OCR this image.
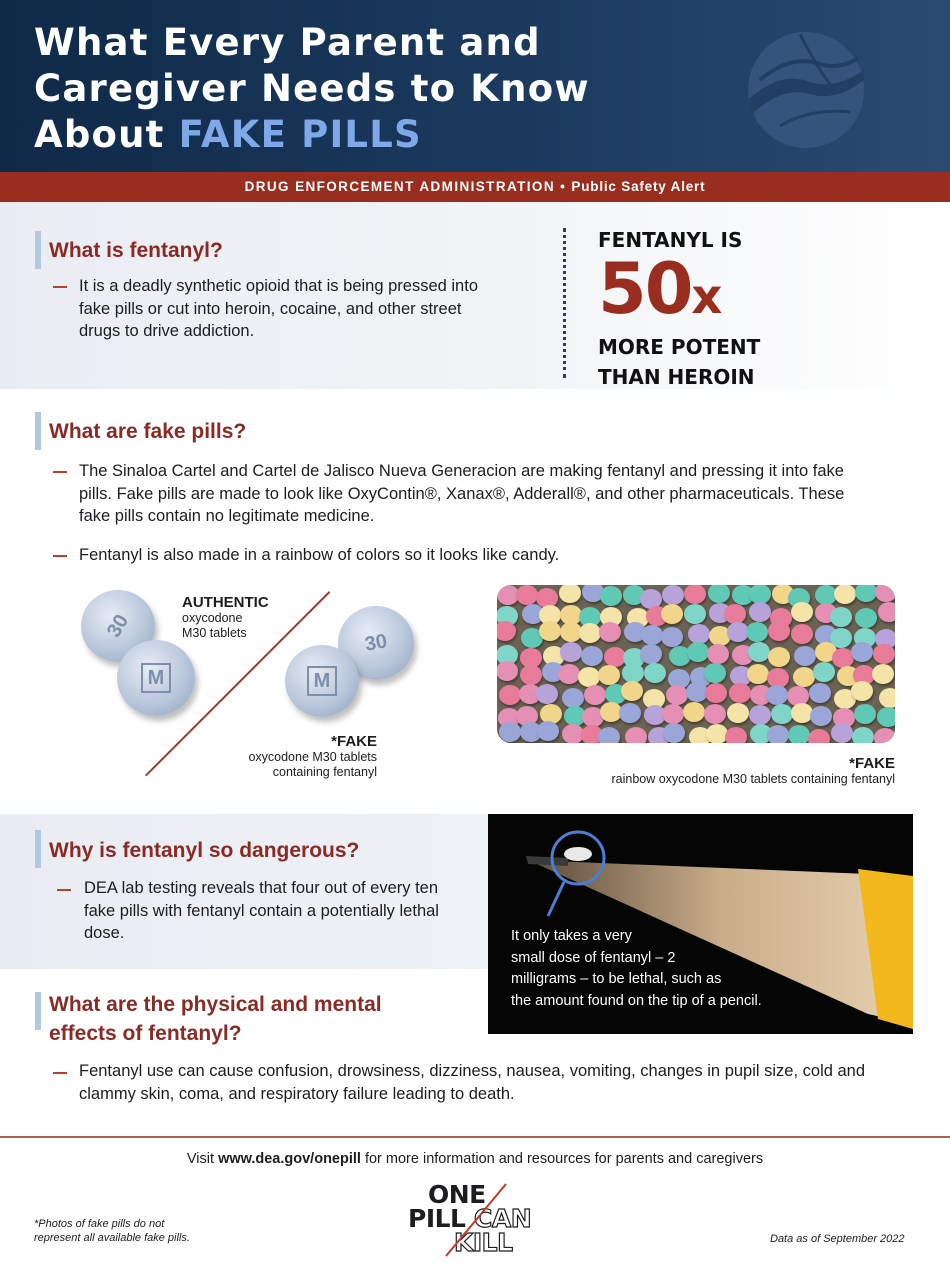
What Every Parent and
Caregiver Needs to Know
About FAKE PILLS
DRUG ENFORCEMENT ADMINISTRATION • Public Safety Alert
What is fentanyl?
It is a deadly synthetic opioid that is being pressed into fake pills or cut into heroin, cocaine, and other street drugs to drive addiction.
FENTANYL IS
50x
MORE POTENT
THAN HEROIN
What are fake pills?
The Sinaloa Cartel and Cartel de Jalisco Nueva Generacion are making fentanyl and pressing it into fake pills. Fake pills are made to look like OxyContin®, Xanax®, Adderall®, and other pharmaceuticals. These fake pills contain no legitimate medicine.
Fentanyl is also made in a rainbow of colors so it looks like candy.
30
M
AUTHENTIC
oxycodone
M30 tablets	30
M
*FAKE
oxycodone M30 tablets
containing fentanyl	*FAKE
rainbow oxycodone M30 tablets containing fentanyl
Why is fentanyl so dangerous?
DEA lab testing reveals that four out of every ten fake pills with fentanyl contain a potentially lethal dose.	It only takes a very
small dose of fentanyl – 2
milligrams – to be lethal, such as
the amount found on the tip of a pencil.
What are the physical and mental
effects of fentanyl?
Fentanyl use can cause confusion, drowsiness, dizziness, nausea, vomiting, changes in pupil size, cold and clammy skin, coma, and respiratory failure leading to death.
Visit www.dea.gov/onepill for more information and resources for parents and caregivers
ONE
PILL CAN
KILL
*Photos of fake pills do not
represent all available fake pills.	Data as of September 2022
